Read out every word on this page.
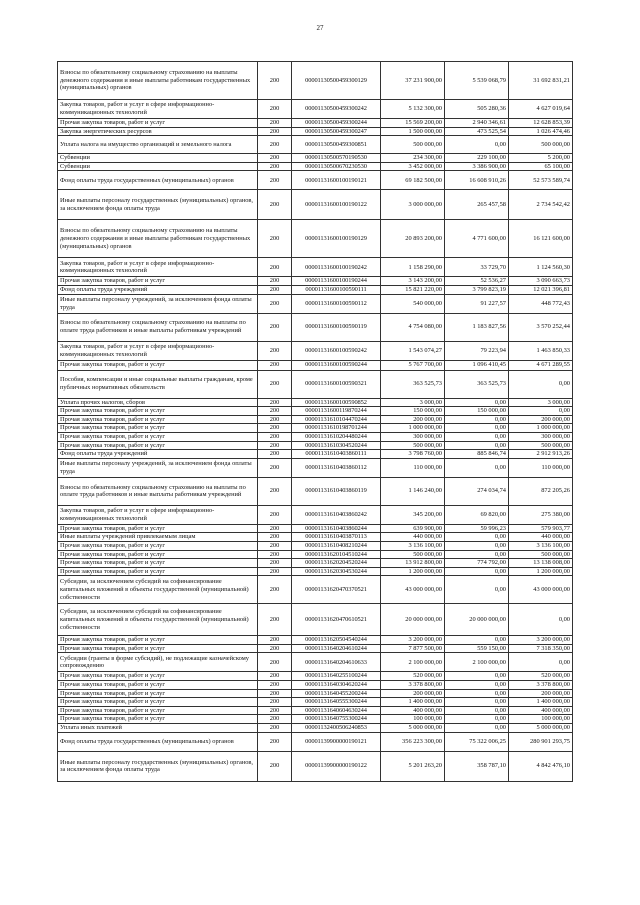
27
Взносы по обязательному социальному страхованию на выплаты денежного содержания и иные выплаты работникам государственных (муниципальных) органов	200	00001130500459300129	37 231 900,00	5 539 068,79	31 692 831,21
Закупка товаров, работ и услуг в сфере информационно-коммуникационных технологий	200	00001130500459300242	5 132 300,00	505 280,36	4 627 019,64
Прочая закупка товаров, работ и услуг	200	00001130500459300244	15 569 200,00	2 940 346,61	12 628 853,39
Закупка энергетических ресурсов	200	00001130500459300247	1 500 000,00	473 525,54	1 026 474,46
Уплата налога на имущество организаций и земельного налога	200	00001130500459300851	500 000,00	0,00	500 000,00
Субвенции	200	00001130500570190530	234 300,00	229 100,00	5 200,00
Субвенции	200	00001130500670230530	3 452 000,00	3 386 900,00	65 100,00
Фонд оплаты труда государственных (муниципальных) органов	200	00001131600100190121	69 182 500,00	16 608 910,26	52 573 589,74
Иные выплаты персоналу государственных (муниципальных) органов, за исключением фонда оплаты труда	200	00001131600100190122	3 000 000,00	265 457,58	2 734 542,42
Взносы по обязательному социальному страхованию на выплаты денежного содержания и иные выплаты работникам государственных (муниципальных) органов	200	00001131600100190129	20 893 200,00	4 771 600,00	16 121 600,00
Закупка товаров, работ и услуг в сфере информационно-коммуникационных технологий	200	00001131600100190242	1 158 290,00	33 729,70	1 124 560,30
Прочая закупка товаров, работ и услуг	200	00001131600100190244	3 143 200,00	52 536,27	3 090 663,73
Фонд оплаты труда учреждений	200	00001131600100590111	15 821 220,00	3 799 823,19	12 021 396,81
Иные выплаты персоналу учреждений, за исключением фонда оплаты труда	200	00001131600100590112	540 000,00	91 227,57	448 772,43
Взносы по обязательному социальному страхованию на выплаты по оплате труда работников и иные выплаты работникам учреждений	200	00001131600100590119	4 754 080,00	1 183 827,56	3 570 252,44
Закупка товаров, работ и услуг в сфере информационно-коммуникационных технологий	200	00001131600100590242	1 543 074,27	79 223,94	1 463 850,33
Прочая закупка товаров, работ и услуг	200	00001131600100590244	5 767 700,00	1 096 410,45	4 671 289,55
Пособия, компенсации и иные социальные выплаты гражданам, кроме публичных нормативных обязательств	200	00001131600100590321	363 525,73	363 525,73	0,00
Уплата прочих налогов, сборов	200	00001131600100590852	3 000,00	0,00	3 000,00
Прочая закупка товаров, работ и услуг	200	00001131600119870244	150 000,00	150 000,00	0,00
Прочая закупка товаров, работ и услуг	200	00001131610104470244	200 000,00	0,00	200 000,00
Прочая закупка товаров, работ и услуг	200	00001131610198701244	1 000 000,00	0,00	1 000 000,00
Прочая закупка товаров, работ и услуг	200	00001131610204480244	300 000,00	0,00	300 000,00
Прочая закупка товаров, работ и услуг	200	00001131610304520244	500 000,00	0,00	500 000,00
Фонд оплаты труда учреждений	200	00001131610403860111	3 798 760,00	885 846,74	2 912 913,26
Иные выплаты персоналу учреждений, за исключением фонда оплаты труда	200	00001131610403860112	110 000,00	0,00	110 000,00
Взносы по обязательному социальному страхованию на выплаты по оплате труда работников и иные выплаты работникам учреждений	200	00001131610403860119	1 146 240,00	274 034,74	872 205,26
Закупка товаров, работ и услуг в сфере информационно-коммуникационных технологий	200	00001131610403860242	345 200,00	69 820,00	275 380,00
Прочая закупка товаров, работ и услуг	200	00001131610403860244	639 900,00	59 996,23	579 903,77
Иные выплаты учреждений привлекаемым лицам	200	00001131610403870113	440 000,00	0,00	440 000,00
Прочая закупка товаров, работ и услуг	200	00001131610408210244	3 136 100,00	0,00	3 136 100,00
Прочая закупка товаров, работ и услуг	200	00001131620104510244	500 000,00	0,00	500 000,00
Прочая закупка товаров, работ и услуг	200	00001131620204520244	13 912 800,00	774 792,00	13 138 008,00
Прочая закупка товаров, работ и услуг	200	00001131620304530244	1 200 000,00	0,00	1 200 000,00
Субсидии, за исключением субсидий на софинансирование капитальных вложений в объекты государственной (муниципальной) собственности	200	00001131620470370521	43 000 000,00	0,00	43 000 000,00
Субсидии, за исключением субсидий на софинансирование капитальных вложений в объекты государственной (муниципальной) собственности	200	00001131620470610521	20 000 000,00	20 000 000,00	0,00
Прочая закупка товаров, работ и услуг	200	00001131620504540244	3 200 000,00	0,00	3 200 000,00
Прочая закупка товаров, работ и услуг	200	00001131640204610244	7 877 500,00	559 150,00	7 318 350,00
Субсидии (гранты в форме субсидий), не подлежащие казначейскому сопровождению	200	00001131640204610633	2 100 000,00	2 100 000,00	0,00
Прочая закупка товаров, работ и услуг	200	00001131640255100244	520 000,00	0,00	520 000,00
Прочая закупка товаров, работ и услуг	200	00001131640304620244	3 378 800,00	0,00	3 378 800,00
Прочая закупка товаров, работ и услуг	200	00001131640455200244	200 000,00	0,00	200 000,00
Прочая закупка товаров, работ и услуг	200	00001131640555300244	1 400 000,00	0,00	1 400 000,00
Прочая закупка товаров, работ и услуг	200	00001131640604630244	400 000,00	0,00	400 000,00
Прочая закупка товаров, работ и услуг	200	00001131640755300244	100 000,00	0,00	100 000,00
Уплата иных платежей	200	00001132400506240853	5 000 000,00	0,00	5 000 000,00
Фонд оплаты труда государственных (муниципальных) органов	200	00001139900000190121	356 223 300,00	75 322 006,25	280 901 293,75
Иные выплаты персоналу государственных (муниципальных) органов, за исключением фонда оплаты труда	200	00001139900000190122	5 201 263,20	358 787,10	4 842 476,10
